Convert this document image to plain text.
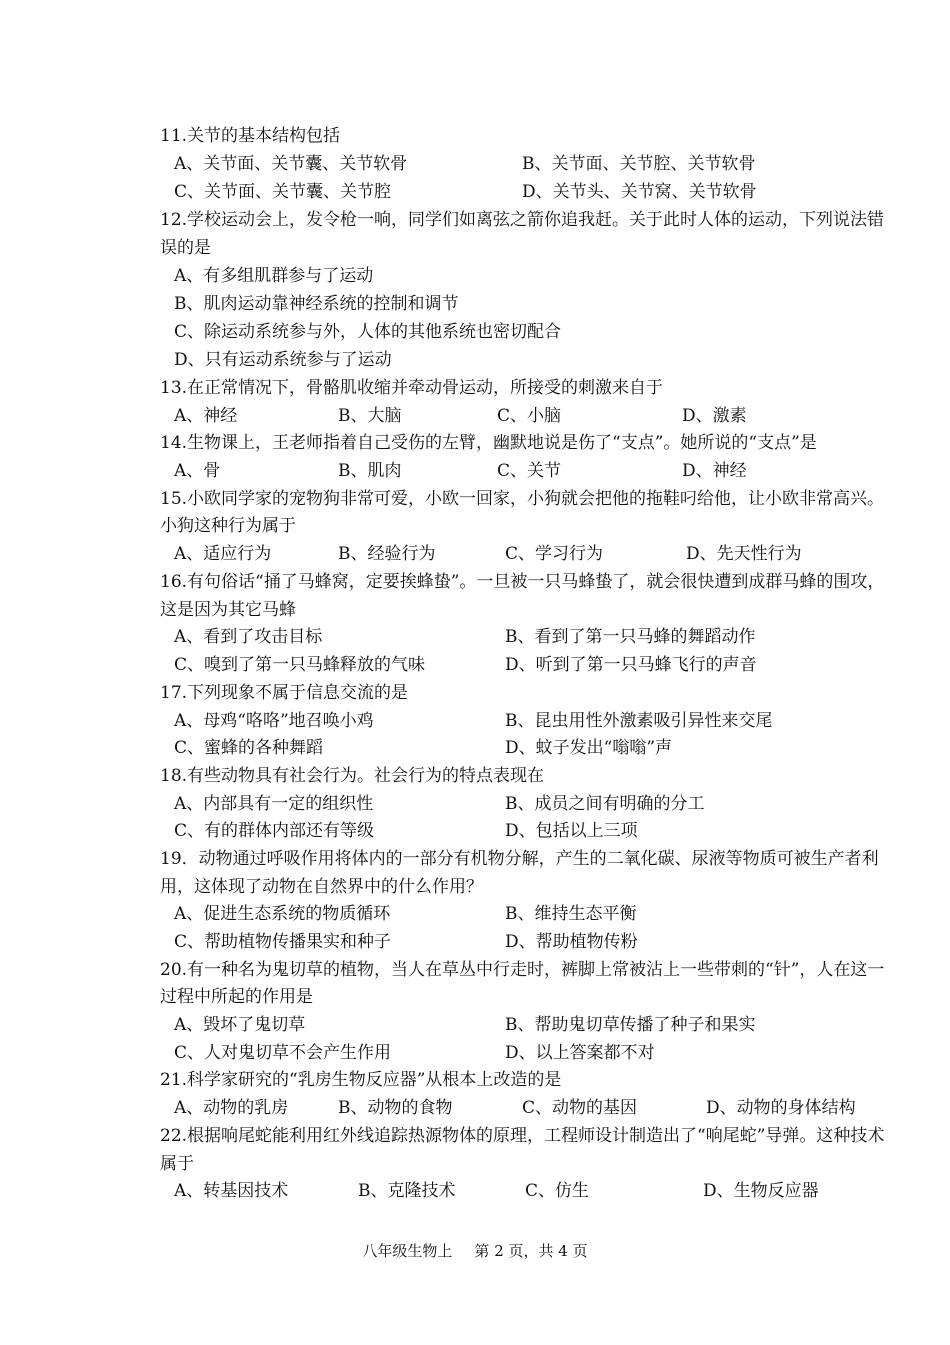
11.关节的基本结构包括
A、关节面、关节囊、关节软骨	B、关节面、关节腔、关节软骨
C、关节面、关节囊、关节腔	D、关节头、关节窝、关节软骨
12.学校运动会上，发令枪一响，同学们如离弦之箭你追我赶。关于此时人体的运动，下列说法错
误的是
A、有多组肌群参与了运动
B、肌肉运动靠神经系统的控制和调节
C、除运动系统参与外，人体的其他系统也密切配合
D、只有运动系统参与了运动
13.在正常情况下，骨骼肌收缩并牵动骨运动，所接受的刺激来自于
A、神经	B、大脑	C、小脑	D、激素
14.生物课上，王老师指着自己受伤的左臂，幽默地说是伤了“支点”。她所说的“支点”是
A、骨	B、肌肉	C、关节	D、神经
15.小欧同学家的宠物狗非常可爱，小欧一回家，小狗就会把他的拖鞋叼给他，让小欧非常高兴。
小狗这种行为属于
A、适应行为	B、经验行为	C、学习行为	D、先天性行为
16.有句俗话“捅了马蜂窝，定要挨蜂蛰”。一旦被一只马蜂蛰了，就会很快遭到成群马蜂的围攻，
这是因为其它马蜂
A、看到了攻击目标	B、看到了第一只马蜂的舞蹈动作
C、嗅到了第一只马蜂释放的气味	D、听到了第一只马蜂飞行的声音
17.下列现象不属于信息交流的是
A、母鸡“咯咯”地召唤小鸡	B、昆虫用性外激素吸引异性来交尾
C、蜜蜂的各种舞蹈	D、蚊子发出“嗡嗡”声
18.有些动物具有社会行为。社会行为的特点表现在
A、内部具有一定的组织性	B、成员之间有明确的分工
C、有的群体内部还有等级	D、包括以上三项
19．动物通过呼吸作用将体内的一部分有机物分解，产生的二氧化碳、尿液等物质可被生产者利
用，这体现了动物在自然界中的什么作用？
A、促进生态系统的物质循环	B、维持生态平衡
C、帮助植物传播果实和种子	D、帮助植物传粉
20.有一种名为鬼切草的植物，当人在草丛中行走时，裤脚上常被沾上一些带刺的“针”，人在这一
过程中所起的作用是
A、毁坏了鬼切草	B、帮助鬼切草传播了种子和果实
C、人对鬼切草不会产生作用	D、以上答案都不对
21.科学家研究的“乳房生物反应器”从根本上改造的是
A、动物的乳房	B、动物的食物	C、动物的基因	D、动物的身体结构
22.根据响尾蛇能利用红外线追踪热源物体的原理，工程师设计制造出了“响尾蛇”导弹。这种技术
属于
A、转基因技术	B、克隆技术	C、仿生	D、生物反应器
八年级生物上 第 2 页，共 4 页
